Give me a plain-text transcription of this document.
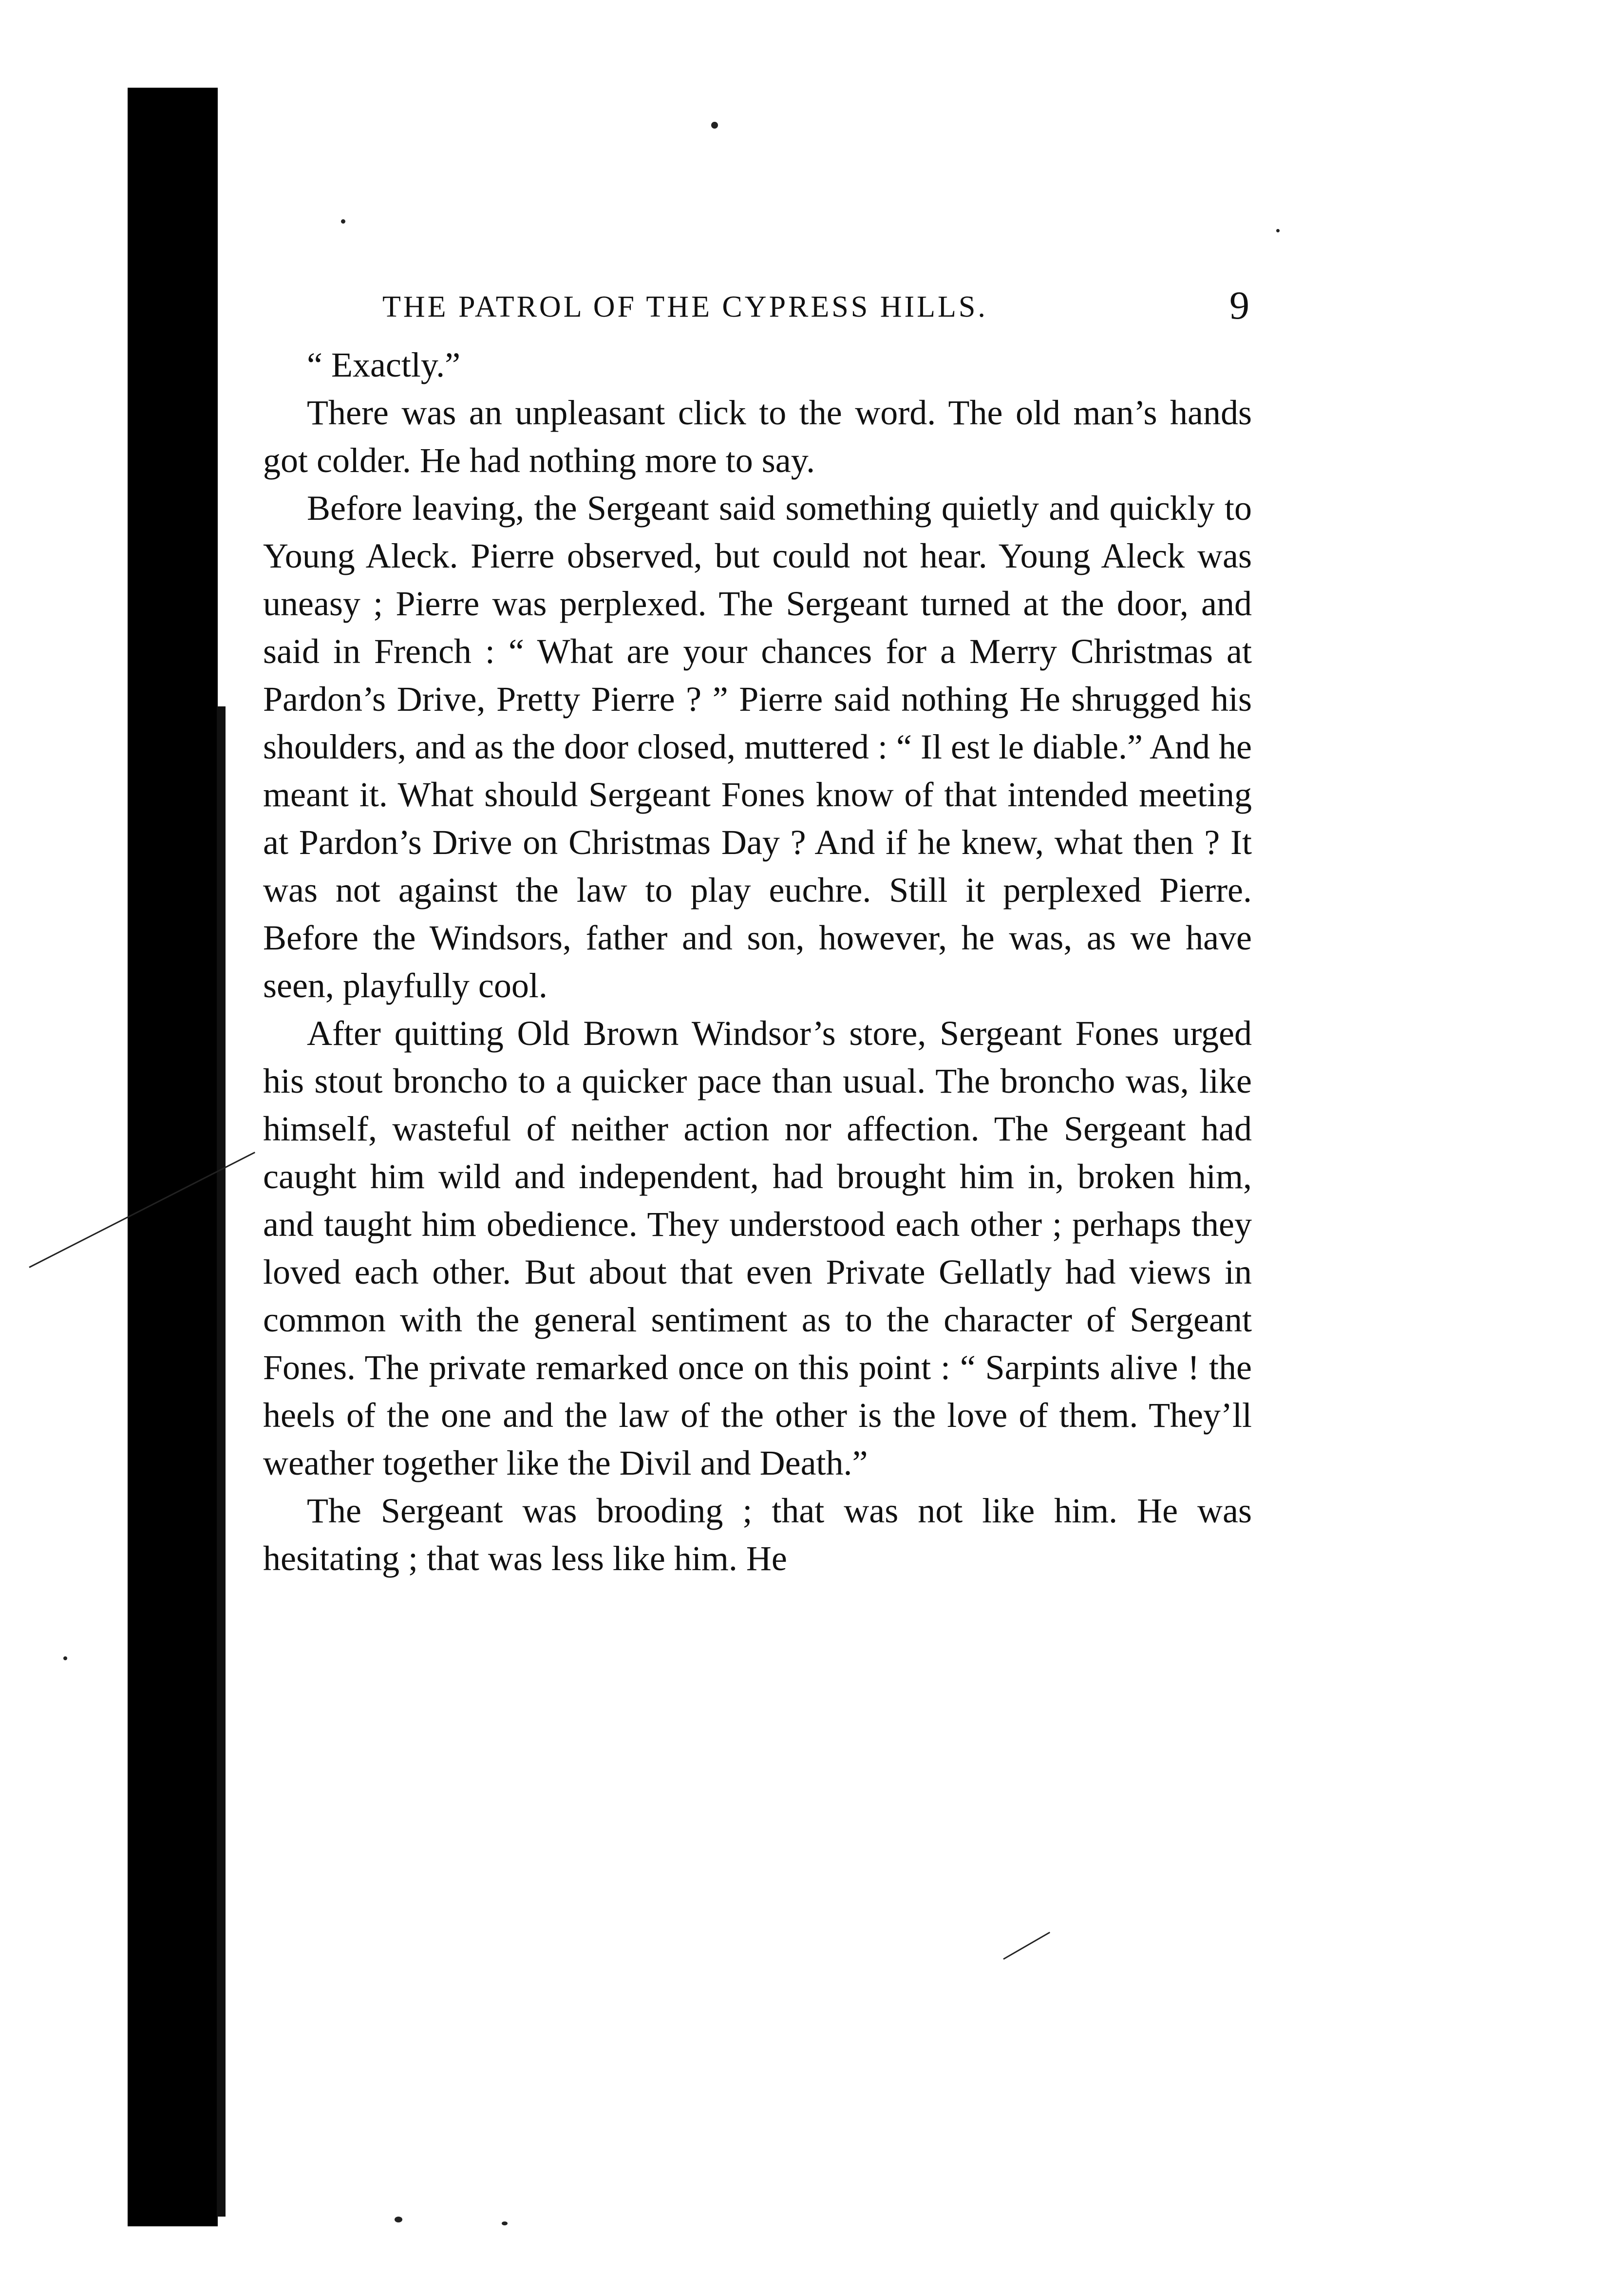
THE PATROL OF THE CYPRESS HILLS.	9

“ Exactly.”

There was an unpleasant click to the word. The old man’s hands got colder. He had nothing more to say.

Before leaving, the Sergeant said something quietly and quickly to Young Aleck. Pierre observed, but could not hear. Young Aleck was uneasy ; Pierre was perplexed. The Sergeant turned at the door, and said in French : “ What are your chances for a Merry Christmas at Pardon’s Drive, Pretty Pierre ? ” Pierre said nothing He shrugged his shoulders, and as the door closed, muttered : “ Il est le diable.” And he meant it. What should Sergeant Fones know of that intended meeting at Pardon’s Drive on Christmas Day ? And if he knew, what then ? It was not against the law to play euchre. Still it perplexed Pierre. Before the Windsors, father and son, however, he was, as we have seen, playfully cool.

After quitting Old Brown Windsor’s store, Sergeant Fones urged his stout broncho to a quicker pace than usual. The broncho was, like himself, wasteful of neither action nor affection. The Sergeant had caught him wild and independent, had brought him in, broken him, and taught him obedience. They understood each other ; perhaps they loved each other. But about that even Private Gellatly had views in common with the general sentiment as to the character of Sergeant Fones. The private remarked once on this point : “ Sarpints alive ! the heels of the one and the law of the other is the love of them. They’ll weather together like the Divil and Death.”

The Sergeant was brooding ; that was not like him. He was hesitating ; that was less like him. He
